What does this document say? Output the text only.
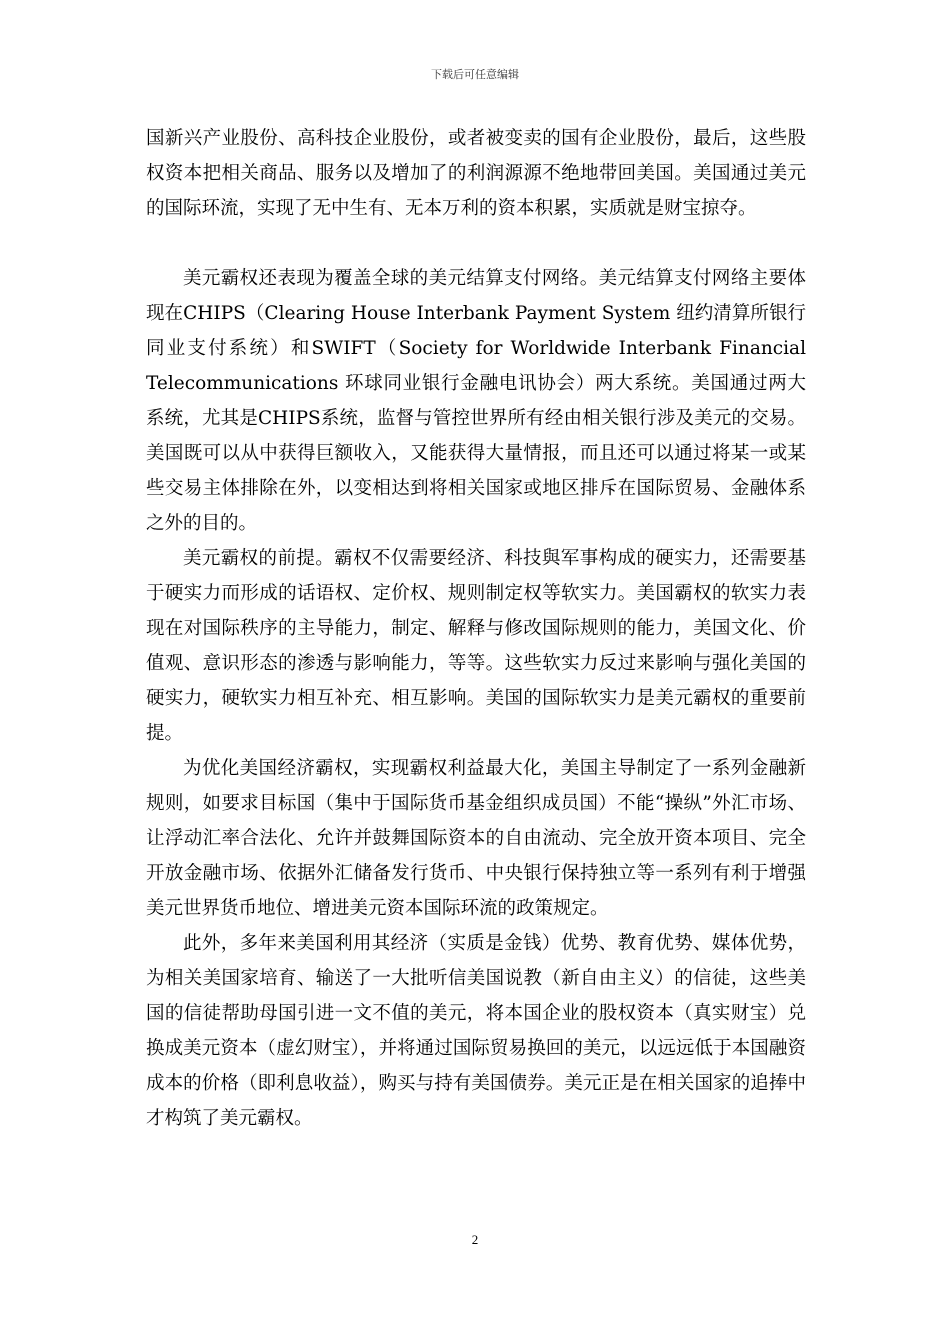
下载后可任意编辑

国新兴产业股份、高科技企业股份，或者被变卖的国有企业股份，最后，这些股权资本把相关商品、服务以及增加了的利润源源不绝地带回美国。美国通过美元的国际环流，实现了无中生有、无本万利的资本积累，实质就是财宝掠夺。

美元霸权还表现为覆盖全球的美元结算支付网络。美元结算支付网络主要体现在CHIPS（Clearing House Interbank Payment System 纽约清算所银行同业支付系统）和SWIFT（Society for Worldwide Interbank Financial Telecommunications 环球同业银行金融电讯协会）两大系统。美国通过两大系统，尤其是CHIPS系统，监督与管控世界所有经由相关银行涉及美元的交易。美国既可以从中获得巨额收入，又能获得大量情报，而且还可以通过将某一或某些交易主体排除在外，以变相达到将相关国家或地区排斥在国际贸易、金融体系之外的目的。

美元霸权的前提。霸权不仅需要经济、科技與军事构成的硬实力，还需要基于硬实力而形成的话语权、定价权、规则制定权等软实力。美国霸权的软实力表现在对国际秩序的主导能力，制定、解释与修改国际规则的能力，美国文化、价值观、意识形态的渗透与影响能力，等等。这些软实力反过来影响与强化美国的硬实力，硬软实力相互补充、相互影响。美国的国际软实力是美元霸权的重要前提。

为优化美国经济霸权，实现霸权利益最大化，美国主导制定了一系列金融新规则，如要求目标国（集中于国际货币基金组织成员国）不能“操纵”外汇市场、让浮动汇率合法化、允许并鼓舞国际资本的自由流动、完全放开资本项目、完全开放金融市场、依据外汇储备发行货币、中央银行保持独立等一系列有利于增强美元世界货币地位、增进美元资本国际环流的政策规定。

此外，多年来美国利用其经济（实质是金钱）优势、教育优势、媒体优势，为相关美国家培育、输送了一大批听信美国说教（新自由主义）的信徒，这些美国的信徒帮助母国引进一文不值的美元，将本国企业的股权资本（真实财宝）兑换成美元资本（虚幻财宝），并将通过国际贸易换回的美元，以远远低于本国融资成本的价格（即利息收益），购买与持有美国债券。美元正是在相关国家的追捧中才构筑了美元霸权。

2
